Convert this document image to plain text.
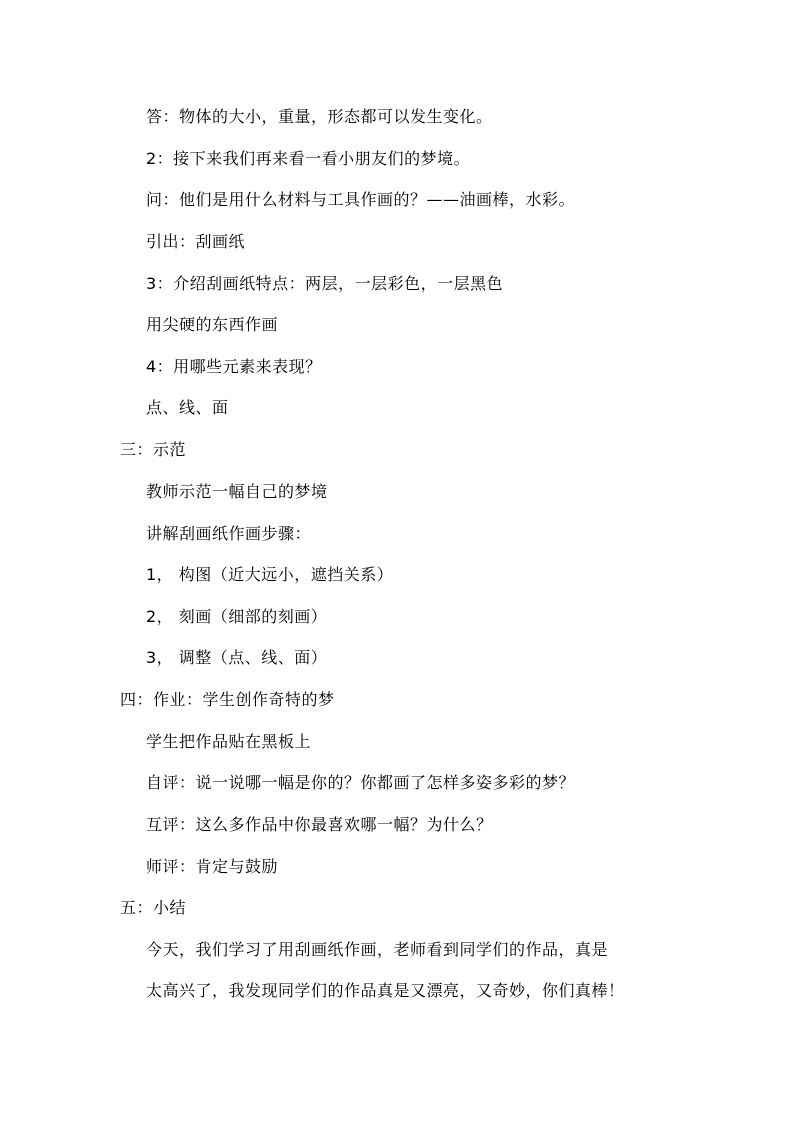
答：物体的大小，重量，形态都可以发生变化。
2：接下来我们再来看一看小朋友们的梦境。
问：他们是用什么材料与工具作画的？——油画棒，水彩。
引出：刮画纸
3：介绍刮画纸特点：两层，一层彩色，一层黑色
用尖硬的东西作画
4：用哪些元素来表现？
点、线、面
三：示范
教师示范一幅自己的梦境
讲解刮画纸作画步骤：
1， 构图（近大远小，遮挡关系）
2， 刻画（细部的刻画）
3， 调整（点、线、面）
四：作业：学生创作奇特的梦
学生把作品贴在黑板上
自评：说一说哪一幅是你的？你都画了怎样多姿多彩的梦？
互评：这么多作品中你最喜欢哪一幅？为什么？
师评：肯定与鼓励
五：小结
今天，我们学习了用刮画纸作画，老师看到同学们的作品，真是
太高兴了，我发现同学们的作品真是又漂亮，又奇妙，你们真棒！
